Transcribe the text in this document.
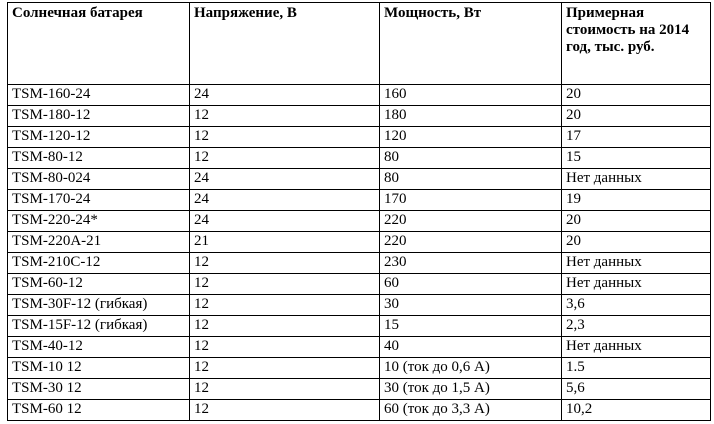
Солнечная батарея	Напряжение, В	Мощность, Вт	Примерная стоимость на 2014 год, тыс. руб.
TSM-160-24	24	160	20
TSM-180-12	12	180	20
TSM-120-12	12	120	17
TSM-80-12	12	80	15
TSM-80-024	24	80	Нет данных
TSM-170-24	24	170	19
TSM-220-24*	24	220	20
TSM-220A-21	21	220	20
TSM-210C-12	12	230	Нет данных
TSM-60-12	12	60	Нет данных
TSM-30F-12 (гибкая)	12	30	3,6
TSM-15F-12 (гибкая)	12	15	2,3
TSM-40-12	12	40	Нет данных
TSM-10 12	12	10 (ток до 0,6 А)	1.5
TSM-30 12	12	30 (ток до 1,5 А)	5,6
TSM-60 12	12	60 (ток до 3,3 А)	10,2
